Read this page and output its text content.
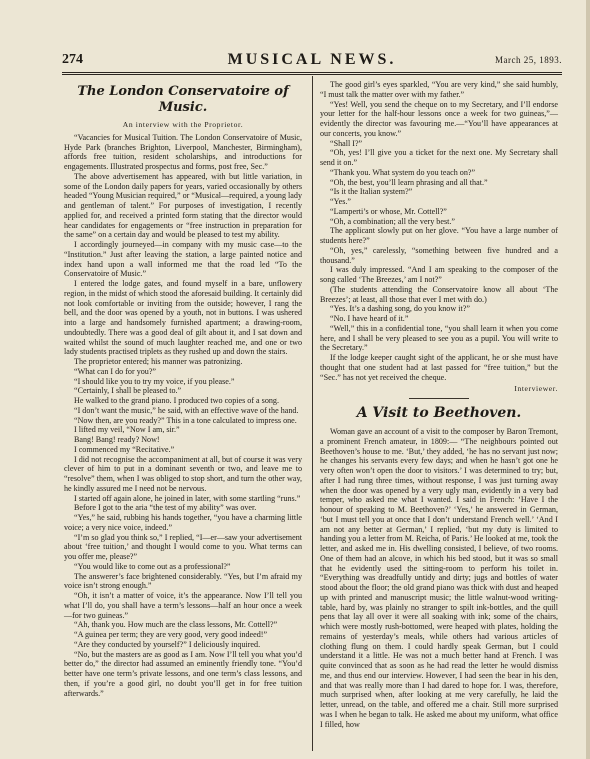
274	MUSICAL NEWS.	March 25, 1893.

The London Conservatoire of Music.

An interview with the Proprietor.

“Vacancies for Musical Tuition. The London Conservatoire of Music, Hyde Park (branches Brighton, Liverpool, Manchester, Birmingham), affords free tuition, resident scholarships, and introductions for engagements. Illustrated prospectus and forms, post free, Sec.”

The above advertisement has appeared, with but little variation, in some of the London daily papers for years, varied occasionally by others headed “Young Musician required,” or “Musical—required, a young lady and gentleman of talent.” For purposes of investigation, I recently applied for, and received a printed form stating that the director would hear candidates for engagements or “free instruction in preparation for the same” on a certain day and would be pleased to test my ability.

I accordingly journeyed—in company with my music case—to the “Institution.” Just after leaving the station, a large painted notice and index hand upon a wall informed me that the road led “To the Conservatoire of Music.”

I entered the lodge gates, and found myself in a bare, unflowery region, in the midst of which stood the aforesaid building. It certainly did not look comfortable or inviting from the outside; however, I rang the bell, and the door was opened by a youth, not in buttons. I was ushered into a large and handsomely furnished apartment; a drawing-room, undoubtedly. There was a good deal of gilt about it, and I sat down and waited whilst the sound of much laughter reached me, and one or two lady students practised triplets as they rushed up and down the stairs.

The proprietor entered; his manner was patronizing.

“What can I do for you?”

“I should like you to try my voice, if you please.”

“Certainly, I shall be pleased to.”

He walked to the grand piano. I produced two copies of a song.

“I don’t want the music,” he said, with an effective wave of the hand.

“Now then, are you ready?” This in a tone calculated to impress one.

I lifted my veil, “Now I am, sir.”

Bang! Bang! ready? Now!

I commenced my “Recitative.”

I did not recognise the accompaniment at all, but of course it was very clever of him to put in a dominant seventh or two, and leave me to “resolve” them, when I was obliged to stop short, and turn the other way, he kindly assured me I need not be nervous.

I started off again alone, he joined in later, with some startling “runs.”

Before I got to the aria “the test of my ability” was over.

“Yes,” he said, rubbing his hands together, “you have a charming little voice; a very nice voice, indeed.”

“I’m so glad you think so,” I replied, “I—er—saw your advertisement about ‘free tuition,’ and thought I would come to you. What terms can you offer me, please?”

“You would like to come out as a professional?”

The answerer’s face brightened considerably. “Yes, but I’m afraid my voice isn’t strong enough.”

“Oh, it isn’t a matter of voice, it’s the appearance. Now I’ll tell you what I’ll do, you shall have a term’s lessons—half an hour once a week—for two guineas.”

“Ah, thank you. How much are the class lessons, Mr. Cottell?”

“A guinea per term; they are very good, very good indeed!”

“Are they conducted by yourself?” I deliciously inquired.

“No, but the masters are as good as I am. Now I’ll tell you what you’d better do,” the director had assumed an eminently friendly tone. “You’d better have one term’s private lessons, and one term’s class lessons, and then, if you’re a good girl, no doubt you’ll get in for free tuition afterwards.”

The good girl’s eyes sparkled, “You are very kind,” she said humbly, “I must talk the matter over with my father.”

“Yes! Well, you send the cheque on to my Secretary, and I’ll endorse your letter for the half-hour lessons once a week for two guineas,”—evidently the director was favouring me.—“You’ll have appearances at our concerts, you know.”

“Shall I?”

“Oh, yes! I’ll give you a ticket for the next one. My Secretary shall send it on.”

“Thank you. What system do you teach on?”

“Oh, the best, you’ll learn phrasing and all that.”

“Is it the Italian system?”

“Yes.”

“Lamperti’s or whose, Mr. Cottell?”

“Oh, a combination; all the very best.”

The applicant slowly put on her glove. “You have a large number of students here?”

“Oh, yes,” carelessly, “something between five hundred and a thousand.”

I was duly impressed. “And I am speaking to the composer of the song called ‘The Breezes,’ am I not?”

(The students attending the Conservatoire know all about ‘The Breezes’; at least, all those that ever I met with do.)

“Yes. It’s a dashing song, do you know it?”

“No. I have heard of it.”

“Well,” this in a confidential tone, “you shall learn it when you come here, and I shall be very pleased to see you as a pupil. You will write to the Secretary.”

If the lodge keeper caught sight of the applicant, he or she must have thought that one student had at last passed for “free tuition,” but the “Sec.” has not yet received the cheque.

Interviewer.

A Visit to Beethoven.

Woman gave an account of a visit to the composer by Baron Tremont, a prominent French amateur, in 1809:— “The neighbours pointed out Beethoven’s house to me. ‘But,’ they added, ‘he has no servant just now; he changes his servants every few days; and when he hasn’t got one he very often won’t open the door to visitors.’ I was determined to try; but, after I had rung three times, without response, I was just turning away when the door was opened by a very ugly man, evidently in a very bad temper, who asked me what I wanted. I said in French: ‘Have I the honour of speaking to M. Beethoven?’ ‘Yes,’ he answered in German, ‘but I must tell you at once that I don’t understand French well.’ ‘And I am not any better at German,’ I replied, ‘but my duty is limited to handing you a letter from M. Reicha, of Paris.’ He looked at me, took the letter, and asked me in. His dwelling consisted, I believe, of two rooms. One of them had an alcove, in which his bed stood, but it was so small that he evidently used the sitting-room to perform his toilet in. “Everything was dreadfully untidy and dirty; jugs and bottles of water stood about the floor; the old grand piano was thick with dust and heaped up with printed and manuscript music; the little walnut-wood writing-table, hard by, was plainly no stranger to spilt ink-bottles, and the quill pens that lay all over it were all soaking with ink; some of the chairs, which were mostly rush-bottomed, were heaped with plates, holding the remains of yesterday’s meals, while others had various articles of clothing flung on them. I could hardly speak German, but I could understand it a little. He was not a much better hand at French. I was quite convinced that as soon as he had read the letter he would dismiss me, and thus end our interview. However, I had seen the bear in his den, and that was really more than I had dared to hope for. I was, therefore, much surprised when, after looking at me very carefully, he laid the letter, unread, on the table, and offered me a chair. Still more surprised was I when he began to talk. He asked me about my uniform, what office I filled, how
